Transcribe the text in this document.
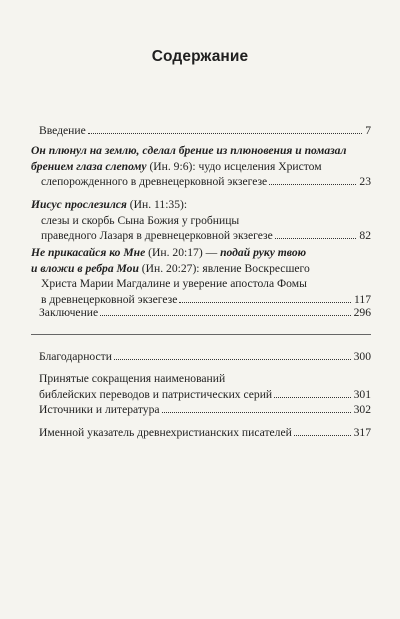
Содержание
Введение	7
Он плюнул на землю, сделал брение из плюновения и помазал
брением глаза слепому (Ин. 9:6): чудо исцеления Христом
слепорожденного в древнецерковной экзегезе	23
Иисус прослезился (Ин. 11:35):
слезы и скорбь Сына Божия у гробницы
праведного Лазаря в древнецерковной экзегезе	82
Не прикасайся ко Мне (Ин. 20:17) — подай руку твою
и вложи в ребра Мои (Ин. 20:27): явление Воскресшего
Христа Марии Магдалине и уверение апостола Фомы
в древнецерковной экзегезе	117
Заключение	296
Благодарности	300
Принятые сокращения наименований
библейских переводов и патристических серий	301
Источники и литература	302
Именной указатель древнехристианских писателей	317
